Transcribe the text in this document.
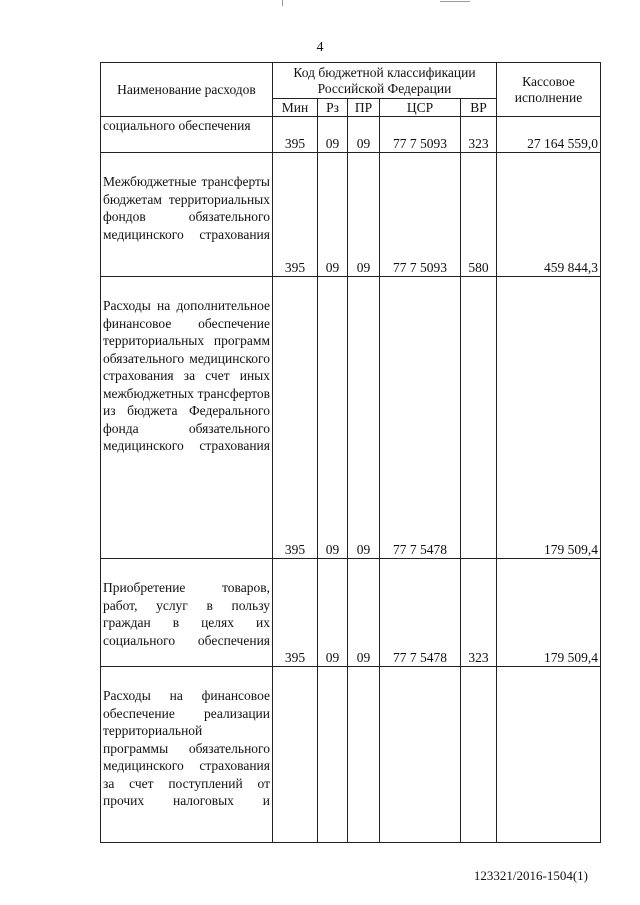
4
Наименование расходов	Код бюджетной классификации Российской Федерации					Кассовое исполнение
	Мин	Рз	ПР	ЦСР	ВР	
социального обеспечения	395	09	09	77 7 5093	323	27 164 559,0
Межбюджетные трансферты бюджетам территориальных фондов обязательного медицинского страхования	395	09	09	77 7 5093	580	459 844,3
Расходы на дополнительное финансовое обеспечение территориальных программ обязательного медицинского страхования за счет иных межбюджетных трансфертов из бюджета Федерального фонда обязательного медицинского страхования	395	09	09	77 7 5478		179 509,4
Приобретение товаров, работ, услуг в пользу граждан в целях их социального обеспечения	395	09	09	77 7 5478	323	179 509,4
Расходы на финансовое обеспечение реализации территориальной программы обязательного медицинского страхования за счет поступлений от прочих налоговых и						
123321/2016-1504(1)
